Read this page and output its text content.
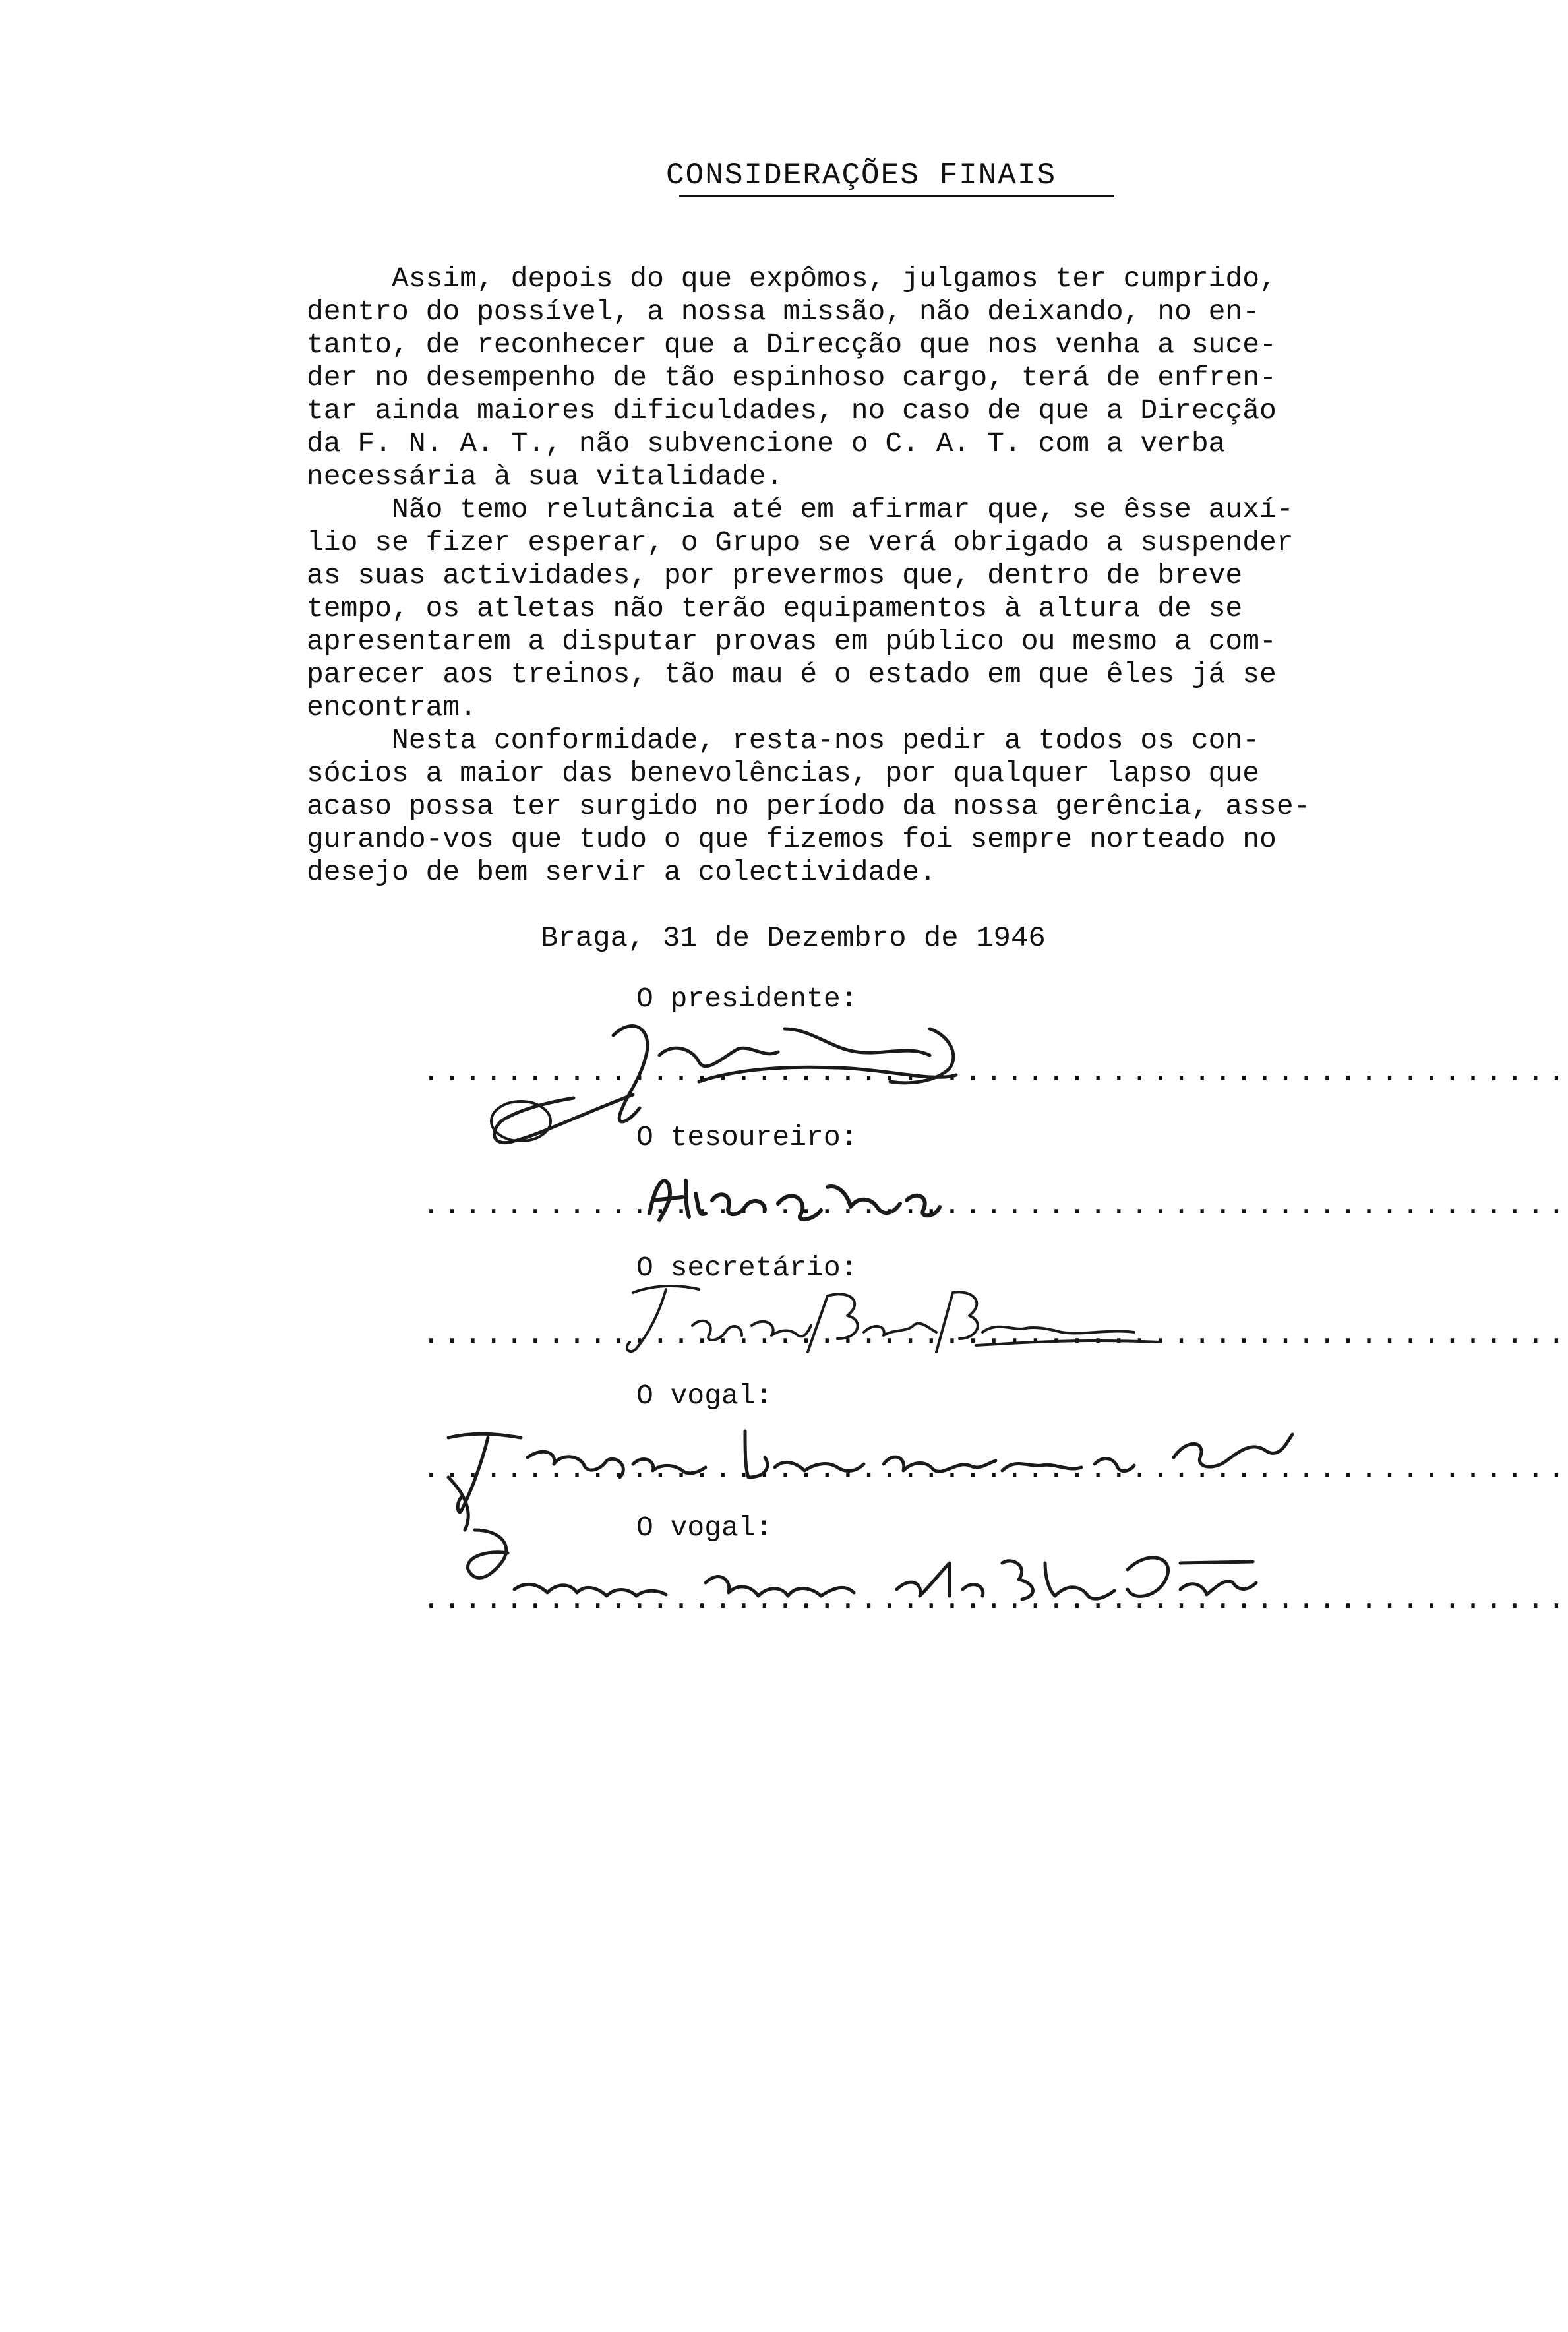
CONSIDERAÇÕES FINAIS
Assim, depois do que expômos, julgamos ter cumprido,
dentro do possível, a nossa missão, não deixando, no en-
tanto, de reconhecer que a Direcção que nos venha a suce-
der no desempenho de tão espinhoso cargo, terá de enfren-
tar ainda maiores dificuldades, no caso de que a Direcção
da F. N. A. T., não subvencione o C. A. T. com a verba
necessária à sua vitalidade.
Não temo relutância até em afirmar que, se êsse auxí-
lio se fizer esperar, o Grupo se verá obrigado a suspender
as suas actividades, por prevermos que, dentro de breve
tempo, os atletas não terão equipamentos à altura de se
apresentarem a disputar provas em público ou mesmo a com-
parecer aos treinos, tão mau é o estado em que êles já se
encontram.
Nesta conformidade, resta-nos pedir a todos os con-
sócios a maior das benevolências, por qualquer lapso que
acaso possa ter surgido no período da nossa gerência, asse-
gurando-vos que tudo o que fizemos foi sempre norteado no
desejo de bem servir a colectividade.
Braga, 31 de Dezembro de 1946
O presidente:
.......................................................
O tesoureiro:
.......................................................
O secretário:
.......................................................
O vogal:
.......................................................
O vogal:
.......................................................
